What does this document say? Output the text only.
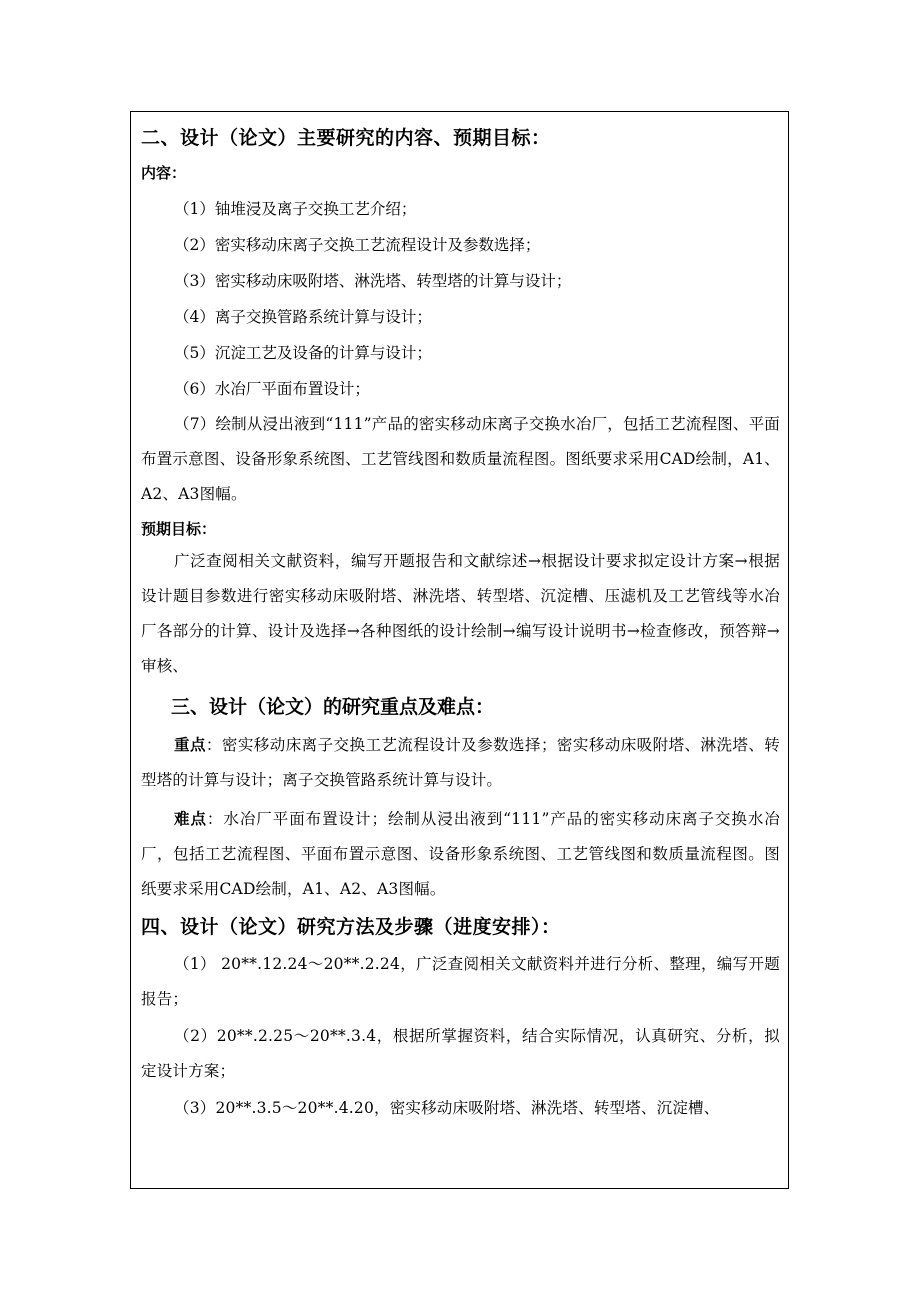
二、设计（论文）主要研究的内容、预期目标：
内容：
（1）铀堆浸及离子交换工艺介绍；
（2）密实移动床离子交换工艺流程设计及参数选择；
（3）密实移动床吸附塔、淋洗塔、转型塔的计算与设计；
（4）离子交换管路系统计算与设计；
（5）沉淀工艺及设备的计算与设计；
（6）水冶厂平面布置设计；
（7）绘制从浸出液到“111”产品的密实移动床离子交换水冶厂，包括工艺流程图、平面布置示意图、设备形象系统图、工艺管线图和数质量流程图。图纸要求采用CAD绘制，A1、A2、A3图幅。
预期目标：
广泛查阅相关文献资料，编写开题报告和文献综述→根据设计要求拟定设计方案→根据设计题目参数进行密实移动床吸附塔、淋洗塔、转型塔、沉淀槽、压滤机及工艺管线等水冶厂各部分的计算、设计及选择→各种图纸的设计绘制→编写设计说明书→检查修改，预答辩→审核、
三、设计（论文）的研究重点及难点：
重点：密实移动床离子交换工艺流程设计及参数选择；密实移动床吸附塔、淋洗塔、转型塔的计算与设计；离子交换管路系统计算与设计。
难点：水冶厂平面布置设计；绘制从浸出液到“111”产品的密实移动床离子交换水冶厂，包括工艺流程图、平面布置示意图、设备形象系统图、工艺管线图和数质量流程图。图纸要求采用CAD绘制，A1、A2、A3图幅。
四、设计（论文）研究方法及步骤（进度安排）：
（1） 20**.12.24～20**.2.24，广泛查阅相关文献资料并进行分析、整理，编写开题报告；
（2）20**.2.25～20**.3.4，根据所掌握资料，结合实际情况，认真研究、分析，拟定设计方案；
（3）20**.3.5～20**.4.20，密实移动床吸附塔、淋洗塔、转型塔、沉淀槽、
